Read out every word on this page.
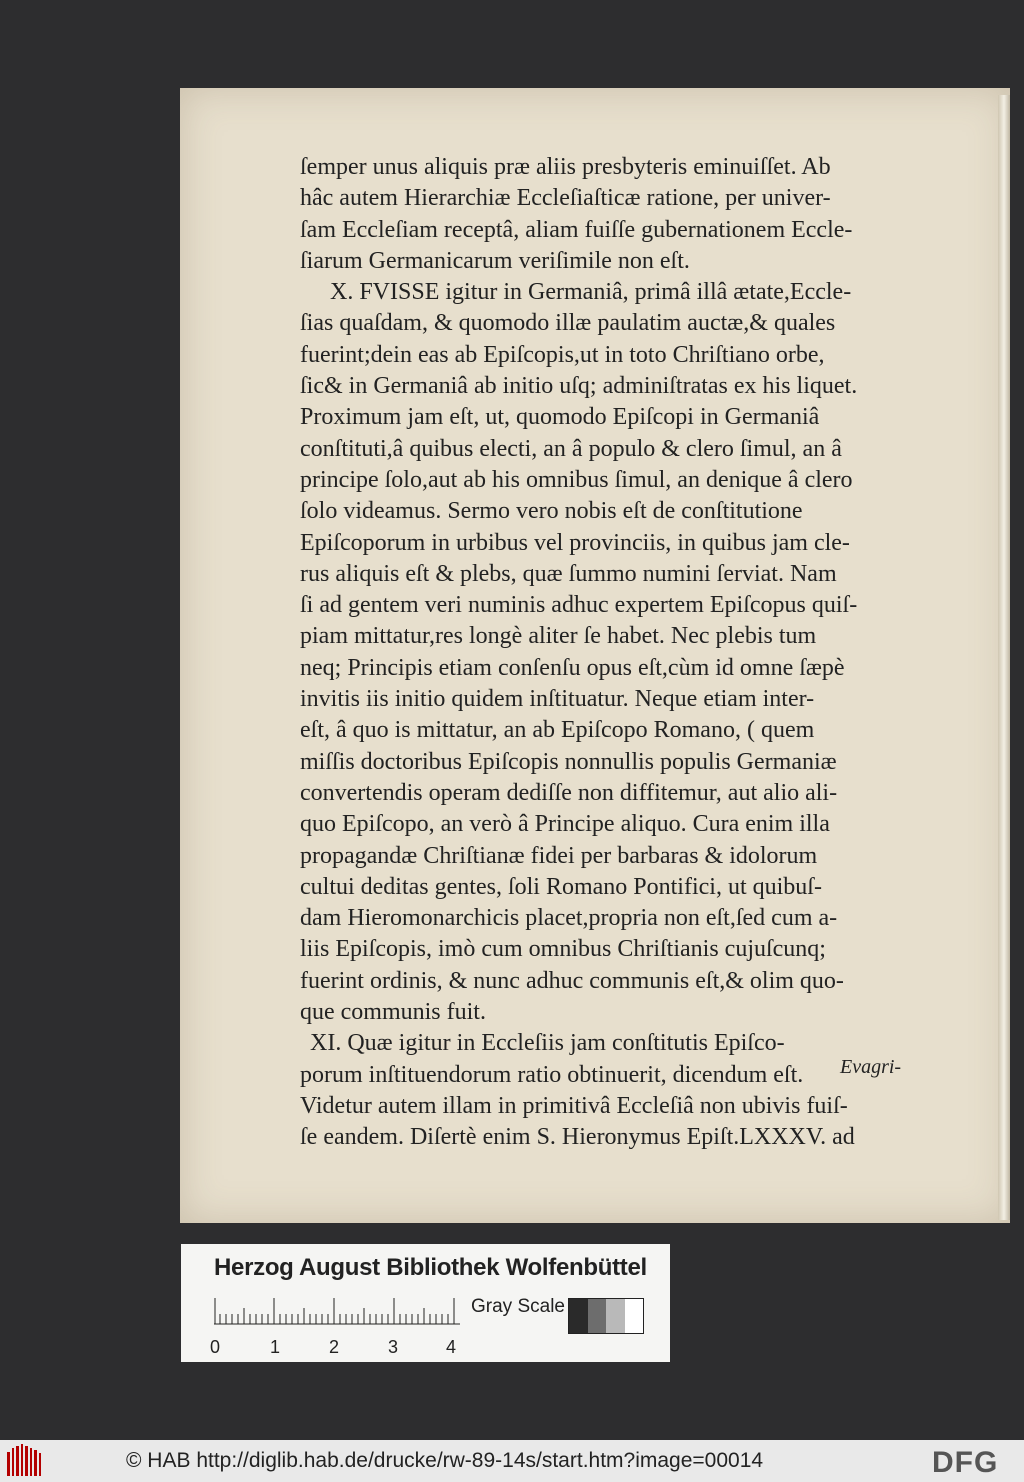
ſemper unus aliquis præ aliis presbyteris eminuiſſet. Ab
hâc autem Hierarchiæ Eccleſiaſticæ ratione, per univer-
ſam Eccleſiam receptâ, aliam fuiſſe gubernationem Eccle-
ſiarum Germanicarum veriſimile non eſt.
X. FVISSE igitur in Germaniâ, primâ illâ ætate,Eccle-
ſias quaſdam, & quomodo illæ paulatim auctæ,& quales
fuerint;dein eas ab Epiſcopis,ut in toto Chriſtiano orbe,
ſic& in Germaniâ ab initio uſq; adminiſtratas ex his liquet.
Proximum jam eſt, ut, quomodo Epiſcopi in Germaniâ
conſtituti,â quibus electi, an â populo & clero ſimul, an â
principe ſolo,aut ab his omnibus ſimul, an denique â clero
ſolo videamus. Sermo vero nobis eſt de conſtitutione
Epiſcoporum in urbibus vel provinciis, in quibus jam cle-
rus aliquis eſt & plebs, quæ ſummo numini ſerviat. Nam
ſi ad gentem veri numinis adhuc expertem Epiſcopus quiſ-
piam mittatur,res longè aliter ſe habet. Nec plebis tum
neq; Principis etiam conſenſu opus eſt,cùm id omne ſæpè
invitis iis initio quidem inſtituatur. Neque etiam inter-
eſt, â quo is mittatur, an ab Epiſcopo Romano, ( quem
miſſis doctoribus Epiſcopis nonnullis populis Germaniæ
convertendis operam dediſſe non diffitemur, aut alio ali-
quo Epiſcopo, an verò â Principe aliquo. Cura enim illa
propagandæ Chriſtianæ fidei per barbaras & idolorum
cultui deditas gentes, ſoli Romano Pontifici, ut quibuſ-
dam Hieromonarchicis placet,propria non eſt,ſed cum a-
liis Epiſcopis, imò cum omnibus Chriſtianis cujuſcunq;
fuerint ordinis, & nunc adhuc communis eſt,& olim quo-
que communis fuit.
XI. Quæ igitur in Eccleſiis jam conſtitutis Epiſco-
porum inſtituendorum ratio obtinuerit, dicendum eſt.
Videtur autem illam in primitivâ Eccleſiâ non ubivis fuiſ-
ſe eandem. Diſertè enim S. Hieronymus Epiſt.LXXXV. ad
Evagri-
Herzog August Bibliothek Wolfenbüttel
0	1	2	3	4
Gray Scale
© HAB http://diglib.hab.de/drucke/rw-89-14s/start.htm?image=00014	DFG
